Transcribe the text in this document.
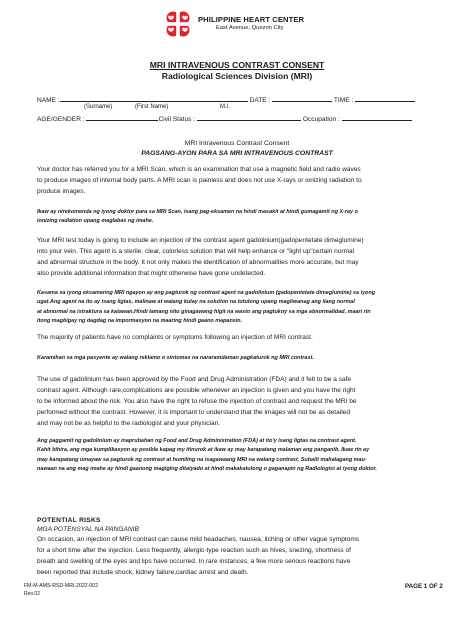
PHILIPPINE HEART CENTER
East Avenue, Quezon City
MRI INTRAVENOUS CONTRAST CONSENT
Radiological Sciences Division (MRI)
NAME :	DATE :	TIME :
(Surname)	(First Name)	M.I.
AGE/GENDER :	Civil Status :	Occupation :
MRI Intravenous Contrast Consent
PAGSANG-AYON PARA SA MRI INTRAVENOUS CONTRAST
Your doctor has referred you for a MRI Scan, which is an examination that use a magnetic field and radio waves
to produce images of internal body parts. A MRI scan is painless and does not use X-rays or ionizing radiation to
produce images.
Ikaw ay nirekomenda ng iyong doktor para sa MRI Scan, isang pag-eksamen na hindi masakit at hindi gumagamit ng X-ray o
ionizing radiation upang maglabas ng imahe.
Your MRI test today is going to include an injection of the contrast agent gadolinium(gadopentetate dimeglumine)
into your vein. This agent is a sterile, clear, colorless solution that will help enhance or "light up"certain normal
and abnormal structure in the body. It not only makes the identification of abnormalities more accurate, but may
also provide additional information that might otherwise have gone undetected.
Kasama sa iyong eksamenng MRI ngayon ay ang pagturok ng contrast agent na gadolinium (gadopentetate dimeglumine) sa iyong
ugat.Ang agent na ito ay isang ligtas, malinaw at walang kulay na solution na tutulong upang magliwanag ang ilang normal
at abnormal na istraktura sa katawan.Hindi lamang nito ginagawang higit na wasto ang pagtukoy sa mga abnormalidad, maari rin
itong magbigay ng dagdag na impormasyon na maaring hindi gaano mapansin.
The majority of patients have no complaints or symptoms following an injection of MRI contrast.
Karamihan sa mga pasyente ay walang reklamo o sintomas na nararamdaman pagkaturok ng MRI contrast.
The use of gadolinium has been approved by the Food and Drug Administration (FDA) and it felt to be a safe
contrast agent. Although rare,complications are possible whenever an injection is given and you have the right
to be informed about the risk. You also have the right to refuse the injection of contrast and request the MRI be
performed without the contrast. However, it is important to understand that the images will not be as detailed
and may not be as helpful to the radiologist and your physician.
Ang paggamit ng gadolinium ay inaprubahan ng Food and Drug Administration (FDA) at ito'y isang ligtas na contrast agent.
Kahit bihira, ang mga kumplikasyon ay posible kapag my itinurok at ikaw ay may karapatang malaman ang panganib. Ikaw rin ay
may karapatang umayaw sa pagturok ng contrast at humiling na isagawaang MRI na walang contrast. Subalit mahalagang mau-
nawaan na ang mag imahe ay hindi gaanong magiging ditalyado at hindi makakatulong o gaganapin ng Radiologist at iyong doktor.
POTENTIAL RISKS
MGA POTENSYAL NA PANGANIB
On occasion, an injection of MRI contrast can cause mild headaches, nausea, itching or other vague symptoms
for a short time after the injection. Less frequently, allergic-type reaction such as hives, snezing, shortness of
breath and swelling of the eyes and lips have occurred. In rare instances, a few more serious reactions have
been reported that include shock, kidney failure,cardiac arrest and death.
FM-M-AMS-RSD-MRI-2022-002
Rev.02
PAGE 1 OF 2
